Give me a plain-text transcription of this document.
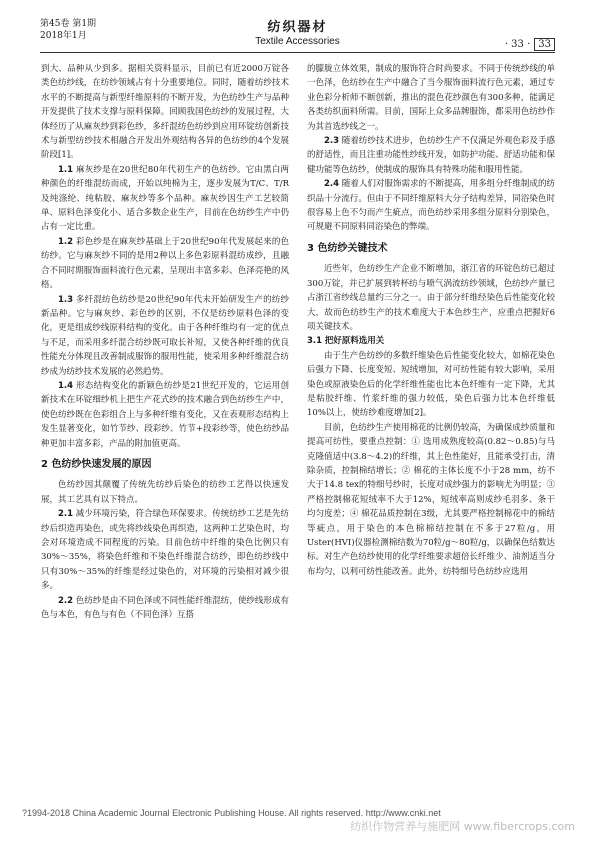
第45卷 第1期
2018年1月
纺织器材
Textile Accessories	· 33 · 33

到大、品种从少到多。据相关资料显示，目前已有近2000万锭各类色纺纱线，在纺纱领域占有十分重要地位。同时，随着纺纱技术水平的不断提高与新型纤维原料的不断开发，为色纺纱生产与品种开发提供了技术支撑与原料保障。回顾我国色纺纱的发展过程，大体经历了从麻灰纱到彩色纱，多纤混纺色纺纱到应用环锭纺创新技术与新型纺纱技术相融合开发出外观结构各异的色纺纱的4个发展阶段[1]。

1.1 麻灰纱是在20世纪80年代初生产的色纺纱。它由黑白两种颜色的纤维混纺而成，开始以纯棉为主，逐步发展为T/C、T/R及纯涤纶、纯粘胶、麻灰纱等多个品种。麻灰纱因生产工艺较简单、原料色泽变化小、适合多数企业生产，目前在色纺纱生产中仍占有一定比重。

1.2 彩色纱是在麻灰纱基础上于20世纪90年代发展起来的色纺纱。它与麻灰纱不同的是用2种以上多色彩原料混纺成纱，且融合不同时期服饰面料流行色元素，呈现出丰富多彩、色泽亮艳的风格。

1.3 多纤混纺色纺纱是20世纪90年代末开始研发生产的纺纱新品种。它与麻灰纱、彩色纱的区别，不仅是纺纱原料色泽的变化，更是组成纱线原料结构的变化。由于各种纤维均有一定的优点与不足，而采用多纤混合纺纱既可取长补短，又使各种纤维的优良性能充分体现且改善制成服饰的服用性能，使采用多种纤维混合纺纱成为纺纱技术发展的必然趋势。

1.4 形态结构变化的新颖色纺纱是21世纪开发的，它运用创新技术在环锭细纱机上把生产花式纱的技术融合到色纺纱生产中，使色纺纱既在色彩组合上与多种纤维有变化，又在表观形态结构上发生显著变化，如竹节纱、段彩纱、竹节+段彩纱等，使色纺纱品种更加丰富多彩，产品的附加值更高。

2 色纺纱快速发展的原因

色纺纱因其颠覆了传统先纺纱后染色的纺纱工艺得以快速发展，其工艺具有以下特点。

2.1 减少环境污染，符合绿色环保要求。传统纺纱工艺是先纺纱后织造再染色，或先将纱线染色再织造，这两种工艺染色时，均会对环境造成不同程度的污染。目前色纺中纤维的染色比例只有30%～35%，将染色纤维和不染色纤维混合纺纱，即色纺纱线中只有30%～35%的纤维是经过染色的，对环境的污染相对减少很多。

2.2 色纺纱是由不同色泽或不同性能纤维混纺，使纱线形成有色与本色，有色与有色（不同色泽）互搭

的朦胧立体效果，制成的服饰符合时尚要求。不同于传统纱线的单一色泽，色纺纱在生产中融合了当今服饰面料流行色元素，通过专业色彩分析师不断创新，推出的混色花纱颜色有300多种，能满足各类纺织面料所需。目前，国际上众多品牌服饰，都采用色纺纱作为其首选纱线之一。

2.3 随着纺纱技术进步，色纺纱生产不仅满足外观色彩及手感的舒适性，而且注重功能性纱线开发，如防护功能、舒适功能和保健功能等色纺纱，使制成的服饰具有特殊功能和服用性能。

2.4 随着人们对服饰需求的不断提高，用多组分纤维制成的纺织品十分流行。但由于不同纤维原料大分子结构差异，同浴染色时很容易上色不匀而产生疵点，而色纺纱采用多组分原料分别染色，可规避不同原料同浴染色的弊端。

3 色纺纱关键技术

近些年，色纺纱生产企业不断增加，浙江省的环锭色纺已超过300万锭，并已扩展到转杯纺与喷气涡流纺纱领域，色纺纱产量已占浙江省纱线总量约三分之一。由于部分纤维经染色后性能变化较大，故而色纺纱生产的技术难度大于本色纱生产，应重点把握好6项关键技术。

3.1 把好原料选用关

由于生产色纺纱的多数纤维染色后性能变化较大，如棉花染色后强力下降、长度变短、短绒增加，对可纺性能有较大影响，采用染色或原液染色后的化学纤维性能也比本色纤维有一定下降，尤其是粘胶纤维、竹浆纤维的强力较低，染色后强力比本色纤维低10%以上，使纺纱难度增加[2]。

目前，色纺纱生产使用棉花的比例仍较高，为确保成纱质量和提高可纺性，要重点控制：① 选用成熟度较高(0.82～0.85)与马克隆值适中(3.8～4.2)的纤维，其上色性能好，且能承受打击，清除杂质，控制棉结增长；② 棉花的主体长度不小于28 mm，纺不大于14.8 tex的特细号纱时，长度对成纱强力的影响尤为明显；③ 严格控制棉花短绒率不大于12%，短绒率高则成纱毛羽多、条干均匀度差；④ 棉花品质控制在3级，尤其要严格控制棉花中的棉结等疵点，用于染色的本色棉棉结控制在不多于27粒/g，用Uster(HVI)仪器检测棉结数为70粒/g～80粒/g，以确保色结数达标。对生产色纺纱使用的化学纤维要求超倍长纤维少、油剂适当分布均匀，以利可纺性能改善。此外，纺特细号色纺纱应选用

?1994-2018 China Academic Journal Electronic Publishing House. All rights reserved. http://www.cnki.net
纺织作物营养与施肥网 www.fibercrops.com
